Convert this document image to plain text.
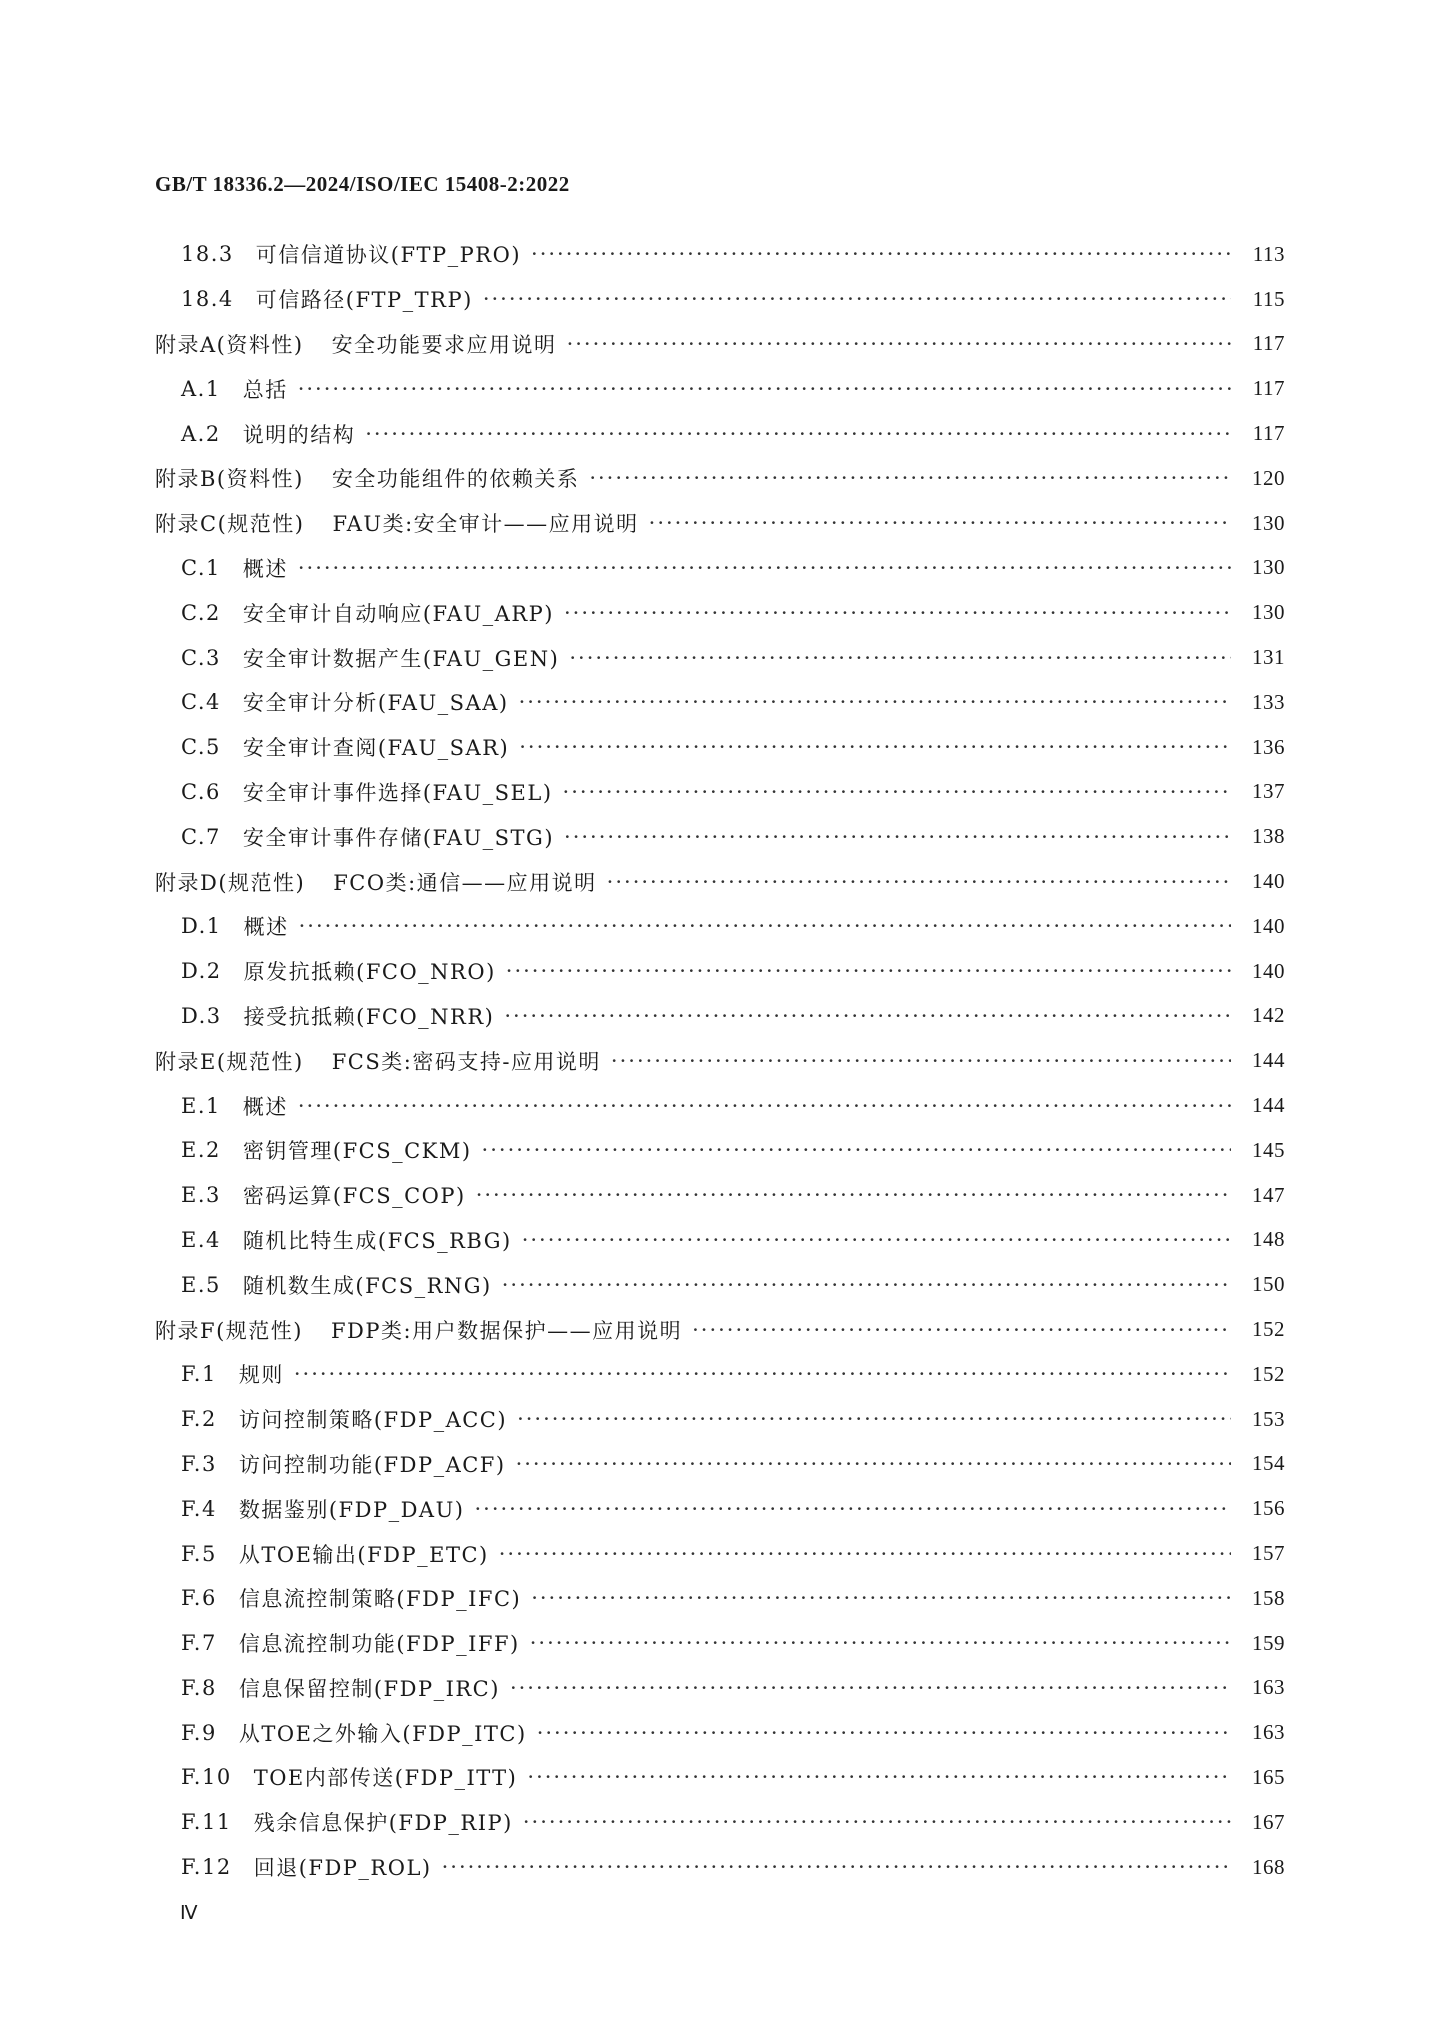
GB/T 18336.2—2024/ISO/IEC 15408-2:2022
18.3 可信信道协议(FTP_PRO) ·····	113
18.4 可信路径(FTP_TRP) ·····	115
附录A(资料性) 安全功能要求应用说明 ·····	117
A.1 总括 ·····	117
A.2 说明的结构 ·····	117
附录B(资料性) 安全功能组件的依赖关系 ·····	120
附录C(规范性) FAU类:安全审计——应用说明 ·····	130
C.1 概述 ·····	130
C.2 安全审计自动响应(FAU_ARP) ·····	130
C.3 安全审计数据产生(FAU_GEN) ·····	131
C.4 安全审计分析(FAU_SAA) ·····	133
C.5 安全审计查阅(FAU_SAR) ·····	136
C.6 安全审计事件选择(FAU_SEL) ·····	137
C.7 安全审计事件存储(FAU_STG) ·····	138
附录D(规范性) FCO类:通信——应用说明 ·····	140
D.1 概述 ·····	140
D.2 原发抗抵赖(FCO_NRO) ·····	140
D.3 接受抗抵赖(FCO_NRR) ·····	142
附录E(规范性) FCS类:密码支持-应用说明 ·····	144
E.1 概述 ·····	144
E.2 密钥管理(FCS_CKM) ·····	145
E.3 密码运算(FCS_COP) ·····	147
E.4 随机比特生成(FCS_RBG) ·····	148
E.5 随机数生成(FCS_RNG) ·····	150
附录F(规范性) FDP类:用户数据保护——应用说明 ·····	152
F.1 规则 ·····	152
F.2 访问控制策略(FDP_ACC) ·····	153
F.3 访问控制功能(FDP_ACF) ·····	154
F.4 数据鉴别(FDP_DAU) ·····	156
F.5 从TOE输出(FDP_ETC) ·····	157
F.6 信息流控制策略(FDP_IFC) ·····	158
F.7 信息流控制功能(FDP_IFF) ·····	159
F.8 信息保留控制(FDP_IRC) ·····	163
F.9 从TOE之外输入(FDP_ITC) ·····	163
F.10 TOE内部传送(FDP_ITT) ·····	165
F.11 残余信息保护(FDP_RIP) ·····	167
F.12 回退(FDP_ROL) ·····	168
Ⅳ
